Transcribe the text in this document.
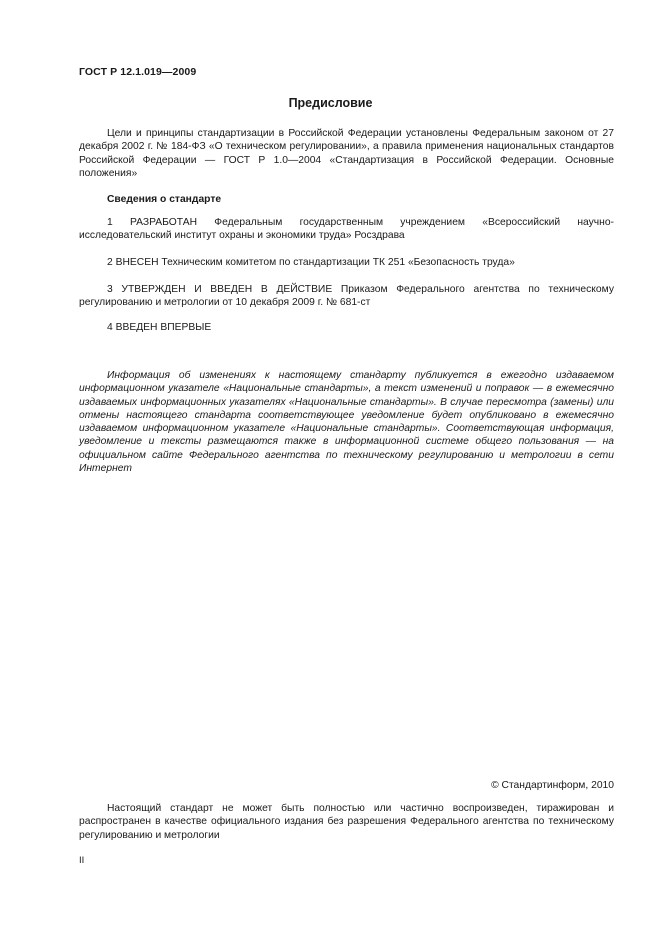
ГОСТ Р 12.1.019—2009
Предисловие
Цели и принципы стандартизации в Российской Федерации установлены Федеральным законом от 27 декабря 2002 г. № 184-ФЗ «О техническом регулировании», а правила применения национальных стандартов Российской Федерации — ГОСТ Р 1.0—2004 «Стандартизация в Российской Федерации. Основные положения»
Сведения о стандарте
1 РАЗРАБОТАН Федеральным государственным учреждением «Всероссийский научно-исследовательский институт охраны и экономики труда» Росздрава
2 ВНЕСЕН Техническим комитетом по стандартизации ТК 251 «Безопасность труда»
3 УТВЕРЖДЕН И ВВЕДЕН В ДЕЙСТВИЕ Приказом Федерального агентства по техническому регулированию и метрологии от 10 декабря 2009 г. № 681-ст
4 ВВЕДЕН ВПЕРВЫЕ
Информация об изменениях к настоящему стандарту публикуется в ежегодно издаваемом информационном указателе «Национальные стандарты», а текст изменений и поправок — в ежемесячно издаваемых информационных указателях «Национальные стандарты». В случае пересмотра (замены) или отмены настоящего стандарта соответствующее уведомление будет опубликовано в ежемесячно издаваемом информационном указателе «Национальные стандарты». Соответствующая информация, уведомление и тексты размещаются также в информационной системе общего пользования — на официальном сайте Федерального агентства по техническому регулированию и метрологии в сети Интернет
© Стандартинформ, 2010
Настоящий стандарт не может быть полностью или частично воспроизведен, тиражирован и распространен в качестве официального издания без разрешения Федерального агентства по техническому регулированию и метрологии
II
